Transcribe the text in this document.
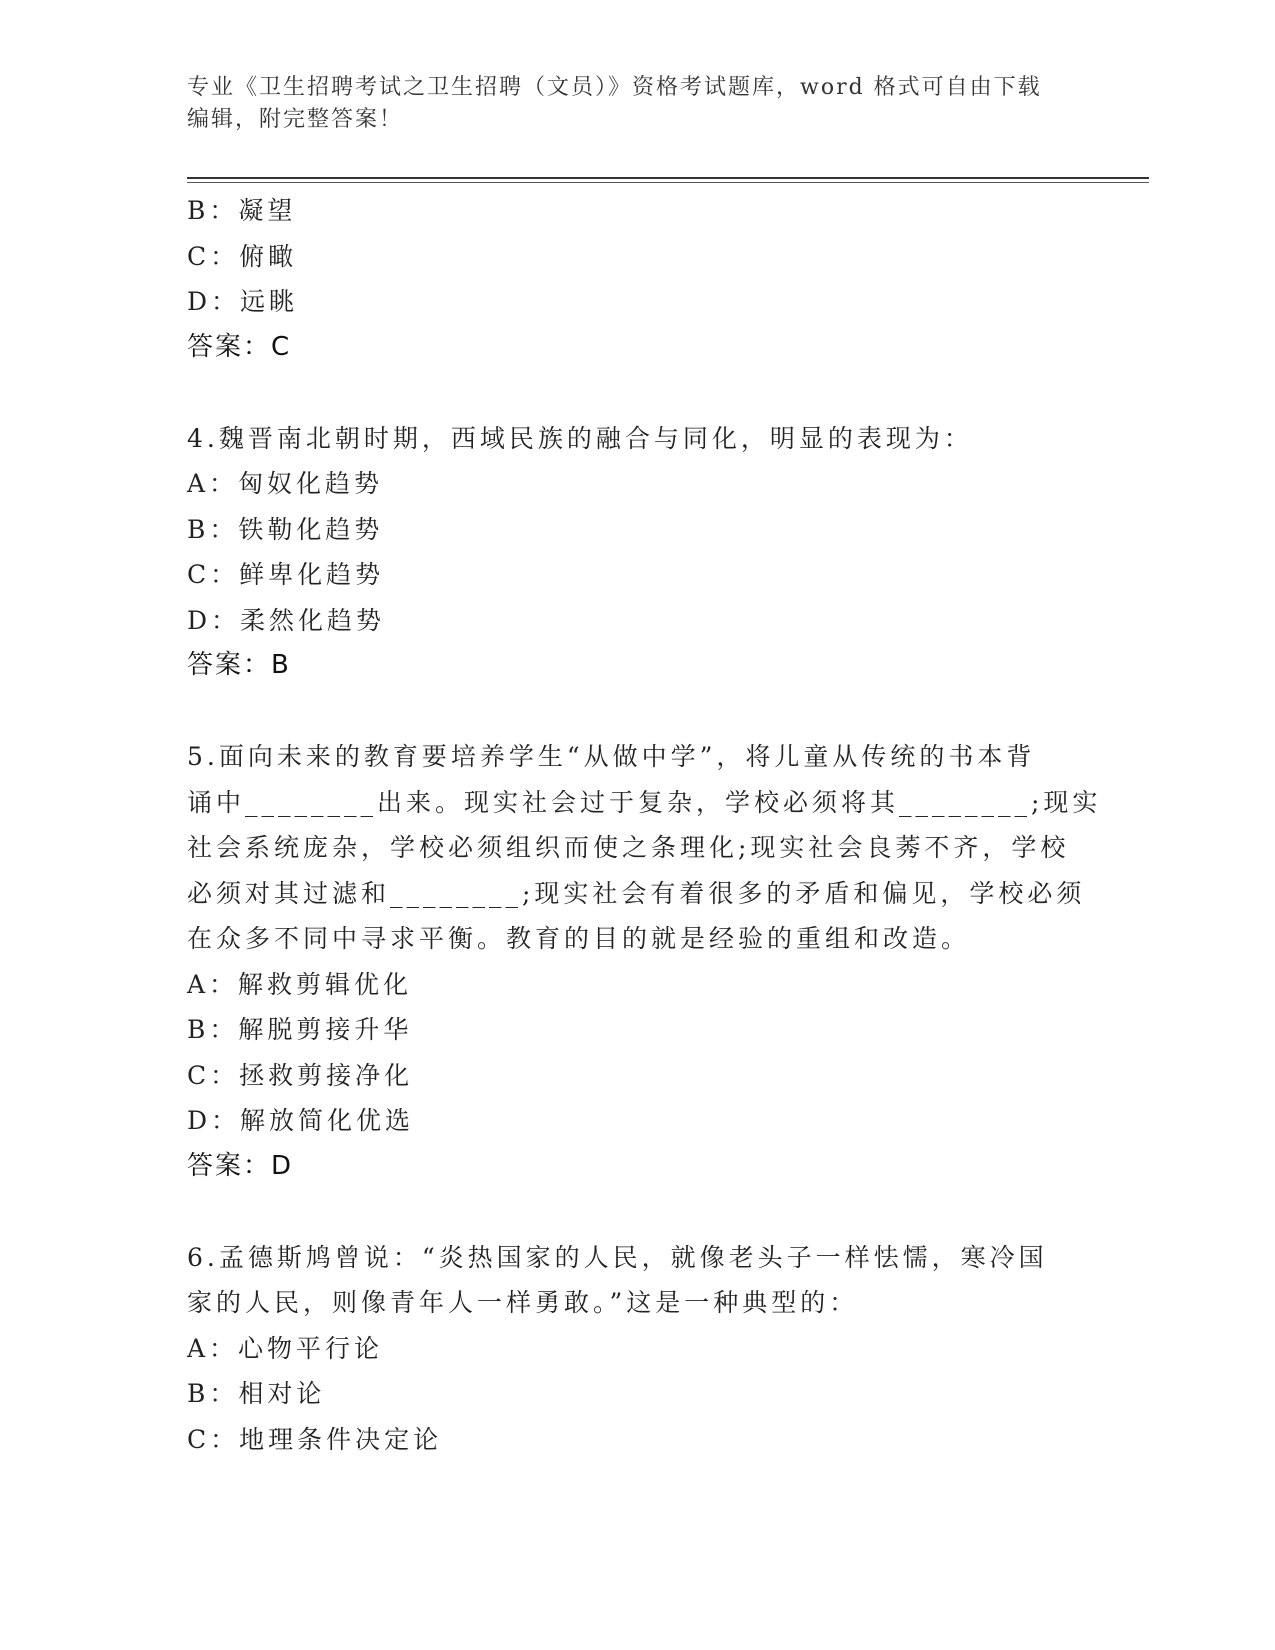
专业《卫生招聘考试之卫生招聘（文员）》资格考试题库，word 格式可自由下载
编辑，附完整答案！
B：凝望
C：俯瞰
D：远眺
答案：C
4.魏晋南北朝时期，西域民族的融合与同化，明显的表现为：
A：匈奴化趋势
B：铁勒化趋势
C：鲜卑化趋势
D：柔然化趋势
答案：B
5.面向未来的教育要培养学生“从做中学”，将儿童从传统的书本背
诵中________出来。现实社会过于复杂，学校必须将其________;现实
社会系统庞杂，学校必须组织而使之条理化;现实社会良莠不齐，学校
必须对其过滤和________;现实社会有着很多的矛盾和偏见，学校必须
在众多不同中寻求平衡。教育的目的就是经验的重组和改造。
A：解救剪辑优化
B：解脱剪接升华
C：拯救剪接净化
D：解放简化优选
答案：D
6.孟德斯鸠曾说：“炎热国家的人民，就像老头子一样怯懦，寒冷国
家的人民，则像青年人一样勇敢。”这是一种典型的：
A：心物平行论
B：相对论
C：地理条件决定论
